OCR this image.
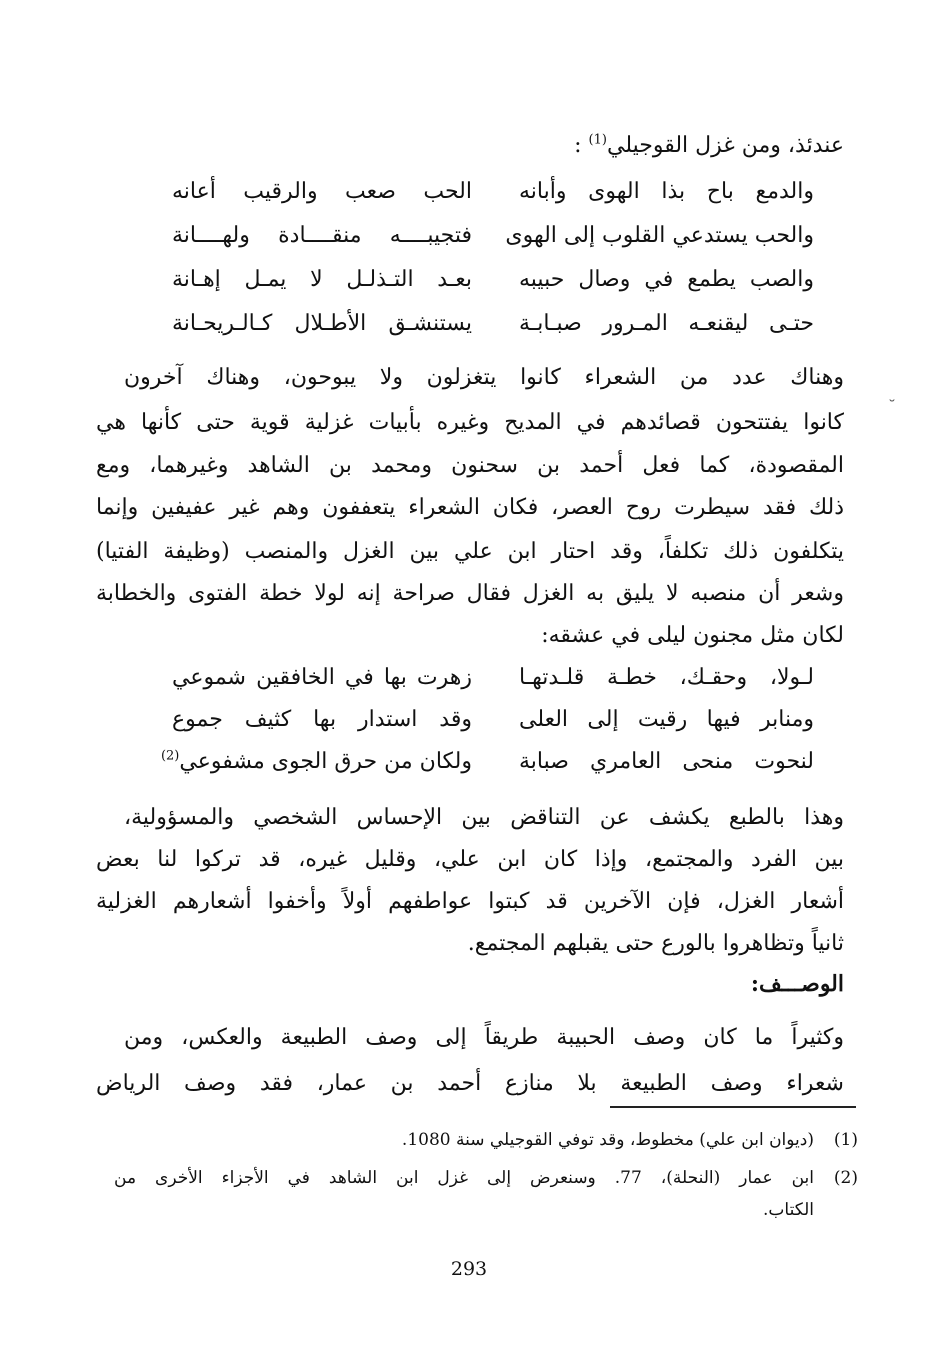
عندئذ، ومن غزل القوجيلي$^{(1)}$ :
والدمع باح بذا الهوى وأبانه
الحب صعب والرقيب أعانه
والحب يستدعي القلوب إلى الهوى
فتجيبــــه منقــــادة ولهــــانة
والصب يطمع في وصال حبيبه
بعـد التـذلـل لا يمـل إهـانة
حتـى ليقنعـه المـرور صبـابـة
يستنشـق الأطـلال كـالـريحـانة
˘
وهناك عدد من الشعراء كانوا يتغزلون ولا يبوحون، وهناك آخرون
كانوا يفتتحون قصائدهم في المديح وغيره بأبيات غزلية قوية حتى كأنها هي
المقصودة، كما فعل أحمد بن سحنون ومحمد بن الشاهد وغيرهما، ومع
ذلك فقد سيطرت روح العصر، فكان الشعراء يتعففون وهم غير عفيفين وإنما
يتكلفون ذلك تكلفاً، وقد احتار ابن علي بين الغزل والمنصب (وظيفة الفتيا)
وشعر أن منصبه لا يليق به الغزل فقال صراحة إنه لولا خطة الفتوى والخطابة
لكان مثل مجنون ليلى في عشقه:
لـولا، وحقـك، خطـة قلـدتهـا
زهرت بها في الخافقين شموعي
ومنابر فيها رقيت إلى العلى
وقد استدار بها كثيف جموع
لنحوت منحى العامري صبابة
ولكان من حرق الجوى مشفوعي$^{(2)}$
وهذا بالطبع يكشف عن التناقض بين الإحساس الشخصي والمسؤولية،
بين الفرد والمجتمع، وإذا كان ابن علي، وقليل غيره، قد تركوا لنا بعض
أشعار الغزل، فإن الآخرين قد كبتوا عواطفهم أولاً وأخفوا أشعارهم الغزلية
ثانياً وتظاهروا بالورع حتى يقبلهم المجتمع.
الوصـــف:
وكثيراً ما كان وصف الحبيبة طريقاً إلى وصف الطبيعة والعكس، ومن
شعراء وصف الطبيعة بلا منازع أحمد بن عمار، فقد وصف الرياض
(1)
(ديوان ابن علي) مخطوط، وقد توفي القوجيلي سنة 1080.
(2)
ابن عمار (النحلة)، 77. وسنعرض إلى غزل ابن الشاهد في الأجزاء الأخرى من
الكتاب.
293
